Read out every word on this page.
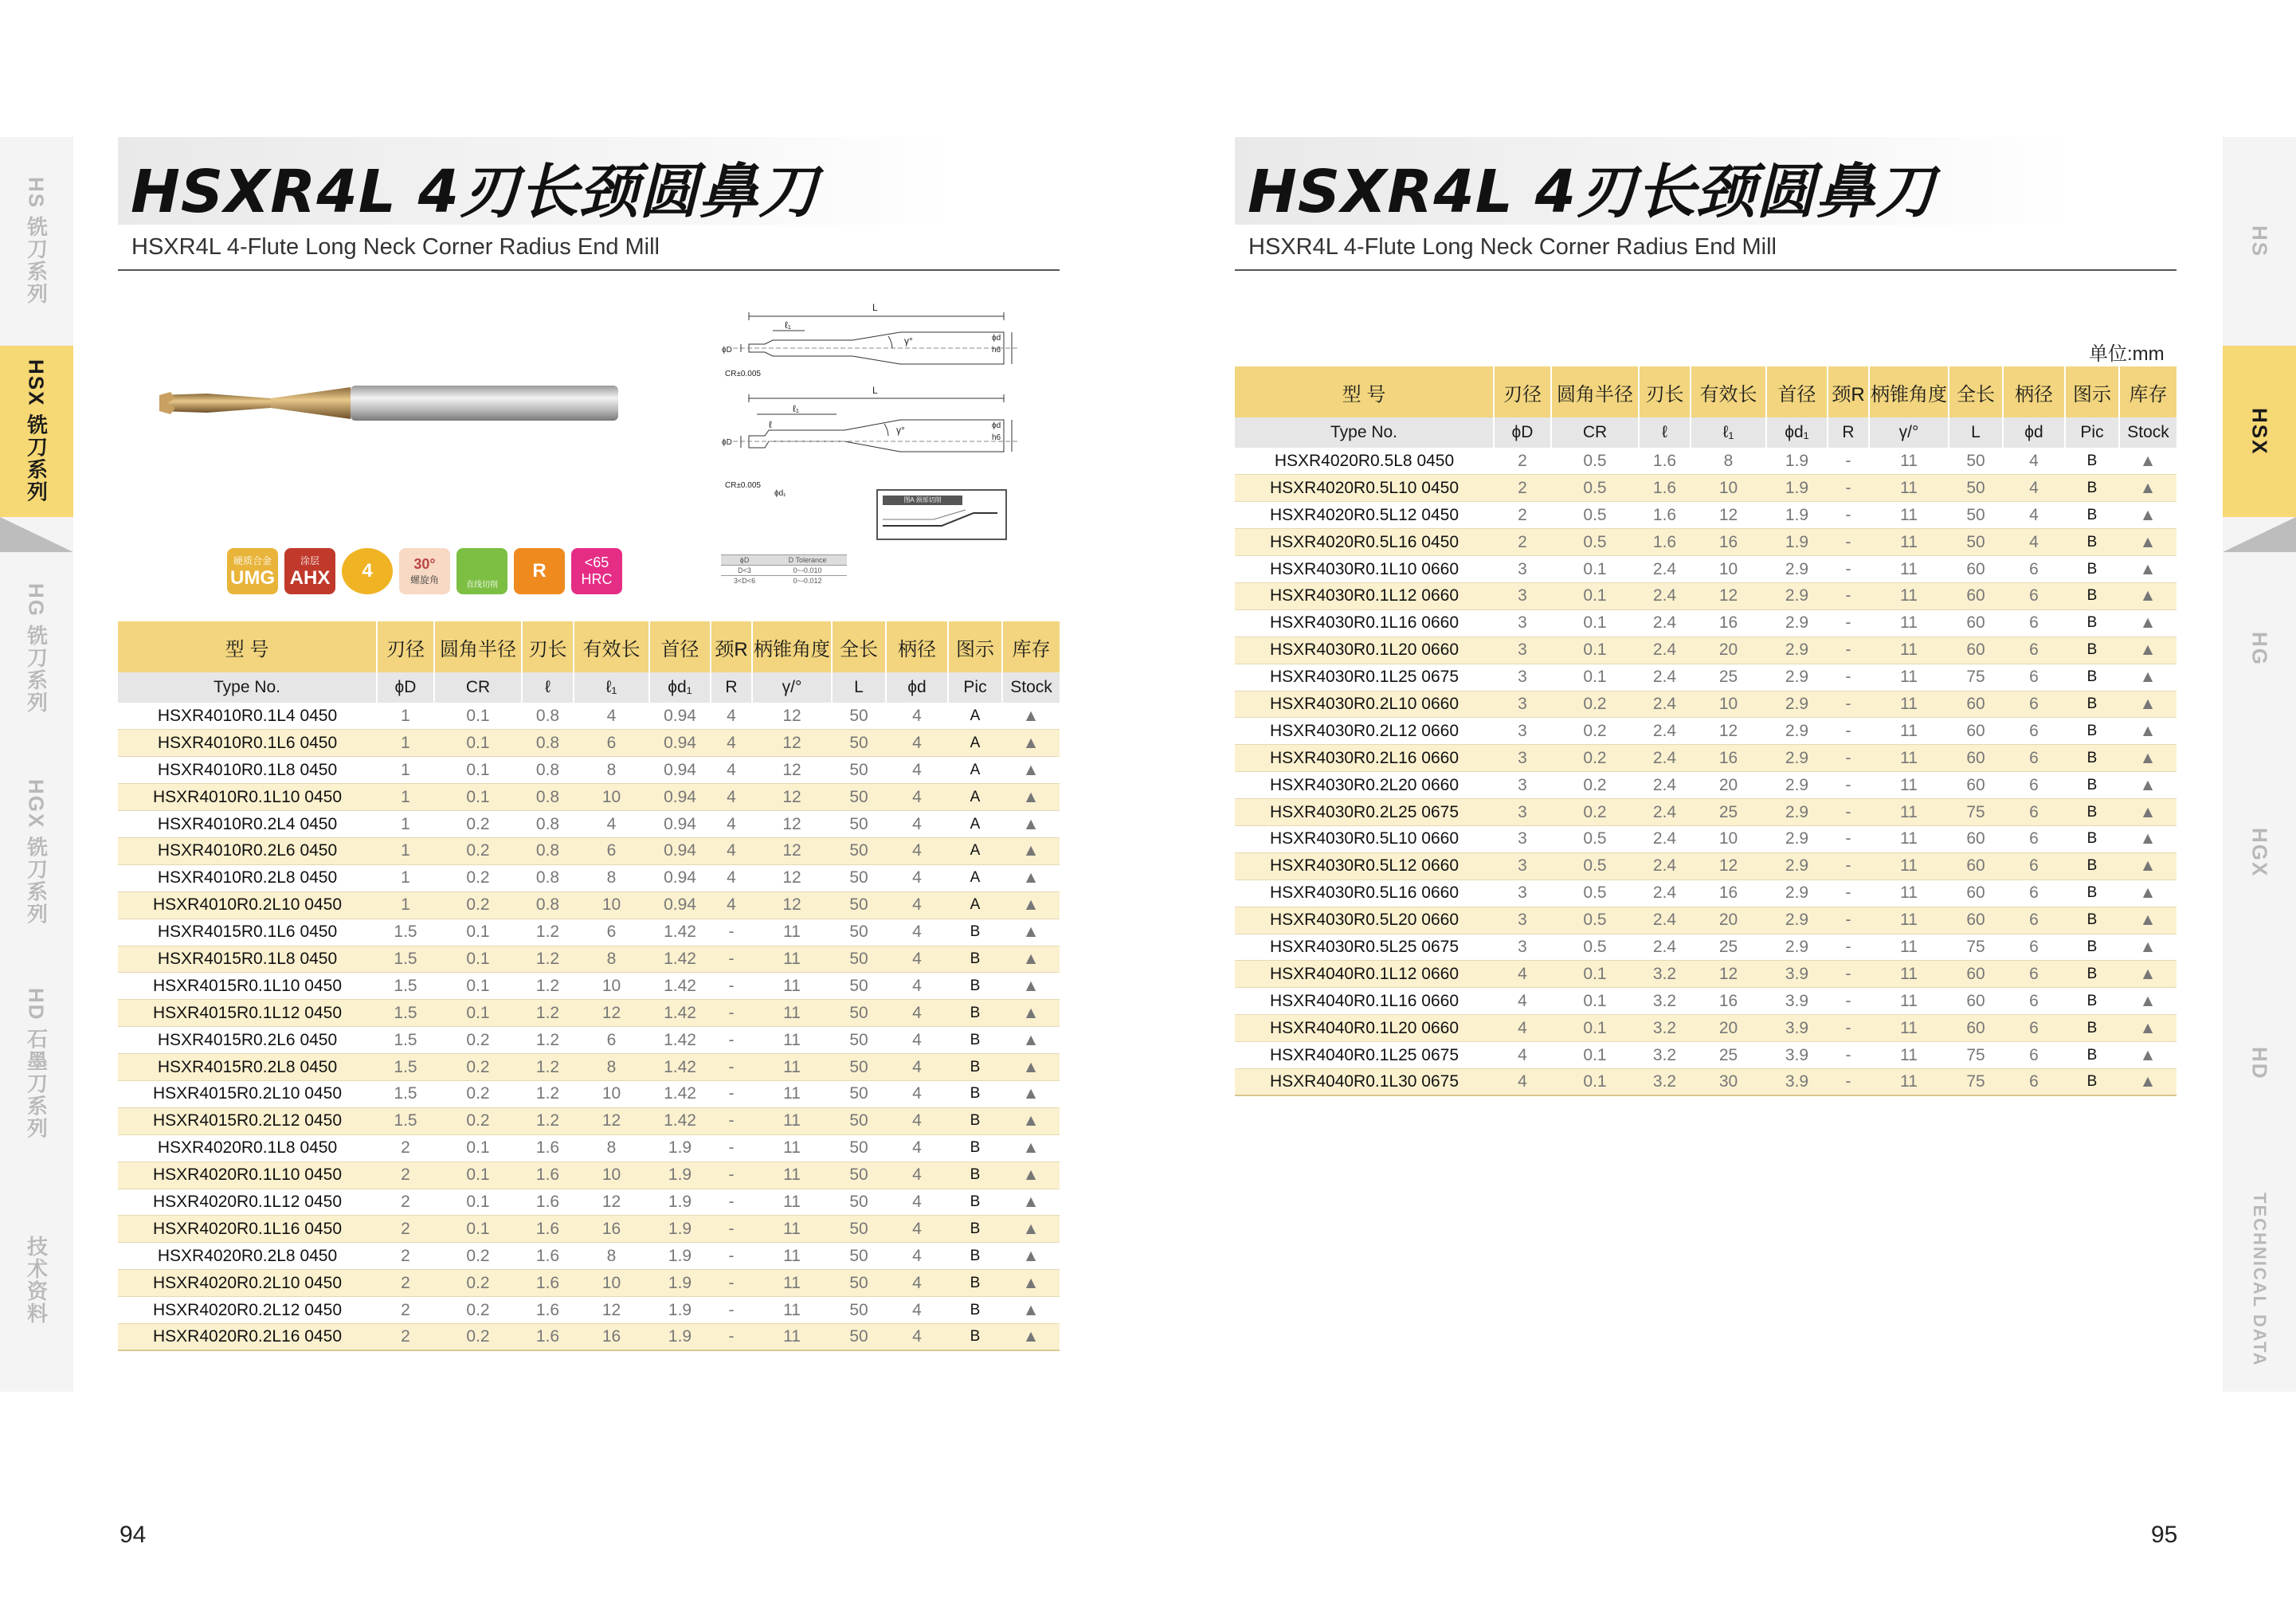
HS 铣刀系列
HSX 铣刀系列
HG 铣刀系列
HGX 铣刀系列
HD 石墨刀系列
技术资料
HS
HSX
HG
HGX
HD
TECHNICAL DATA
HSXR4L 4刃长颈圆鼻刀
HSXR4L 4-Flute Long Neck Corner Radius End Mill
HSXR4L 4刃长颈圆鼻刀
HSXR4L 4-Flute Long Neck Corner Radius End Mill
单位:mm
L
ℓ₁
γ°
CR±0.005
L
ℓ₁
ℓ	γ°
CR±0.005
ϕD
ϕD
ϕd₁
ϕd
ϕd
h6
h6
图A 颈部切削
ϕD	D Tolerance
D<3	0~-0.010
3<D<6	0~-0.012
硬质合金
UMG
涂层
AHX 4	30°
螺旋角	直线切削
R	<65
HRC
型 号	刃径	圆角半径	刃长	有效长	首径	颈R	柄锥角度	全长	柄径	图示	库存
Type No.	ϕD	CR	ℓ	ℓ₁	ϕd₁	R	γ/°	L	ϕd	Pic	Stock
HSXR4010R0.1L4 0450	1	0.1	0.8	4	0.94	4	12	50	4	A	▲
HSXR4010R0.1L6 0450	1	0.1	0.8	6	0.94	4	12	50	4	A	▲
HSXR4010R0.1L8 0450	1	0.1	0.8	8	0.94	4	12	50	4	A	▲
HSXR4010R0.1L10 0450	1	0.1	0.8	10	0.94	4	12	50	4	A	▲
HSXR4010R0.2L4 0450	1	0.2	0.8	4	0.94	4	12	50	4	A	▲
HSXR4010R0.2L6 0450	1	0.2	0.8	6	0.94	4	12	50	4	A	▲
HSXR4010R0.2L8 0450	1	0.2	0.8	8	0.94	4	12	50	4	A	▲
HSXR4010R0.2L10 0450	1	0.2	0.8	10	0.94	4	12	50	4	A	▲
HSXR4015R0.1L6 0450	1.5	0.1	1.2	6	1.42	-	11	50	4	B	▲
HSXR4015R0.1L8 0450	1.5	0.1	1.2	8	1.42	-	11	50	4	B	▲
HSXR4015R0.1L10 0450	1.5	0.1	1.2	10	1.42	-	11	50	4	B	▲
HSXR4015R0.1L12 0450	1.5	0.1	1.2	12	1.42	-	11	50	4	B	▲
HSXR4015R0.2L6 0450	1.5	0.2	1.2	6	1.42	-	11	50	4	B	▲
HSXR4015R0.2L8 0450	1.5	0.2	1.2	8	1.42	-	11	50	4	B	▲
HSXR4015R0.2L10 0450	1.5	0.2	1.2	10	1.42	-	11	50	4	B	▲
HSXR4015R0.2L12 0450	1.5	0.2	1.2	12	1.42	-	11	50	4	B	▲
HSXR4020R0.1L8 0450	2	0.1	1.6	8	1.9	-	11	50	4	B	▲
HSXR4020R0.1L10 0450	2	0.1	1.6	10	1.9	-	11	50	4	B	▲
HSXR4020R0.1L12 0450	2	0.1	1.6	12	1.9	-	11	50	4	B	▲
HSXR4020R0.1L16 0450	2	0.1	1.6	16	1.9	-	11	50	4	B	▲
HSXR4020R0.2L8 0450	2	0.2	1.6	8	1.9	-	11	50	4	B	▲
HSXR4020R0.2L10 0450	2	0.2	1.6	10	1.9	-	11	50	4	B	▲
HSXR4020R0.2L12 0450	2	0.2	1.6	12	1.9	-	11	50	4	B	▲
HSXR4020R0.2L16 0450	2	0.2	1.6	16	1.9	-	11	50	4	B	▲
型 号	刃径	圆角半径	刃长	有效长	首径	颈R	柄锥角度	全长	柄径	图示	库存
Type No.	ϕD	CR	ℓ	ℓ₁	ϕd₁	R	γ/°	L	ϕd	Pic	Stock
HSXR4020R0.5L8 0450	2	0.5	1.6	8	1.9	-	11	50	4	B	▲
HSXR4020R0.5L10 0450	2	0.5	1.6	10	1.9	-	11	50	4	B	▲
HSXR4020R0.5L12 0450	2	0.5	1.6	12	1.9	-	11	50	4	B	▲
HSXR4020R0.5L16 0450	2	0.5	1.6	16	1.9	-	11	50	4	B	▲
HSXR4030R0.1L10 0660	3	0.1	2.4	10	2.9	-	11	60	6	B	▲
HSXR4030R0.1L12 0660	3	0.1	2.4	12	2.9	-	11	60	6	B	▲
HSXR4030R0.1L16 0660	3	0.1	2.4	16	2.9	-	11	60	6	B	▲
HSXR4030R0.1L20 0660	3	0.1	2.4	20	2.9	-	11	60	6	B	▲
HSXR4030R0.1L25 0675	3	0.1	2.4	25	2.9	-	11	75	6	B	▲
HSXR4030R0.2L10 0660	3	0.2	2.4	10	2.9	-	11	60	6	B	▲
HSXR4030R0.2L12 0660	3	0.2	2.4	12	2.9	-	11	60	6	B	▲
HSXR4030R0.2L16 0660	3	0.2	2.4	16	2.9	-	11	60	6	B	▲
HSXR4030R0.2L20 0660	3	0.2	2.4	20	2.9	-	11	60	6	B	▲
HSXR4030R0.2L25 0675	3	0.2	2.4	25	2.9	-	11	75	6	B	▲
HSXR4030R0.5L10 0660	3	0.5	2.4	10	2.9	-	11	60	6	B	▲
HSXR4030R0.5L12 0660	3	0.5	2.4	12	2.9	-	11	60	6	B	▲
HSXR4030R0.5L16 0660	3	0.5	2.4	16	2.9	-	11	60	6	B	▲
HSXR4030R0.5L20 0660	3	0.5	2.4	20	2.9	-	11	60	6	B	▲
HSXR4030R0.5L25 0675	3	0.5	2.4	25	2.9	-	11	75	6	B	▲
HSXR4040R0.1L12 0660	4	0.1	3.2	12	3.9	-	11	60	6	B	▲
HSXR4040R0.1L16 0660	4	0.1	3.2	16	3.9	-	11	60	6	B	▲
HSXR4040R0.1L20 0660	4	0.1	3.2	20	3.9	-	11	60	6	B	▲
HSXR4040R0.1L25 0675	4	0.1	3.2	25	3.9	-	11	75	6	B	▲
HSXR4040R0.1L30 0675	4	0.1	3.2	30	3.9	-	11	75	6	B	▲
94	95
